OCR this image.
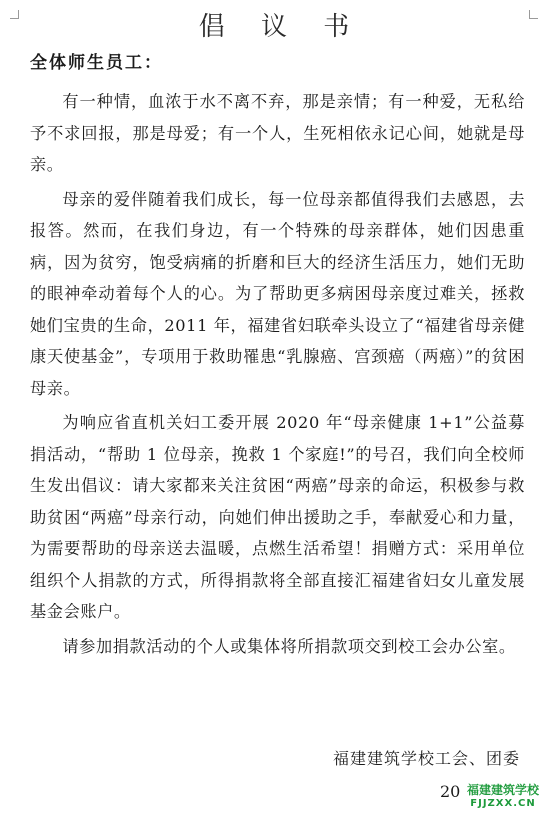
倡 议 书
全体师生员工：

有一种情，血浓于水不离不弃，那是亲情；有一种爱，无私给予不求回报，那是母爱；有一个人，生死相依永记心间，她就是母亲。

母亲的爱伴随着我们成长，每一位母亲都值得我们去感恩，去报答。然而，在我们身边，有一个特殊的母亲群体，她们因患重病，因为贫穷，饱受病痛的折磨和巨大的经济生活压力，她们无助的眼神牵动着每个人的心。为了帮助更多病困母亲度过难关，拯救她们宝贵的生命，2011 年，福建省妇联牵头设立了“福建省母亲健康天使基金”，专项用于救助罹患“乳腺癌、宫颈癌（两癌）”的贫困母亲。

为响应省直机关妇工委开展 2020 年“母亲健康 1+1”公益募捐活动，“帮助 1 位母亲，挽救 1 个家庭!”的号召，我们向全校师生发出倡议：请大家都来关注贫困“两癌”母亲的命运，积极参与救助贫困“两癌”母亲行动，向她们伸出援助之手，奉献爱心和力量，为需要帮助的母亲送去温暖，点燃生活希望！捐赠方式：采用单位组织个人捐款的方式，所得捐款将全部直接汇福建省妇女儿童发展基金会账户。

请参加捐款活动的个人或集体将所捐款项交到校工会办公室。

福建建筑学校工会、团委
20 福建建筑学校
FJJZXX.CN
